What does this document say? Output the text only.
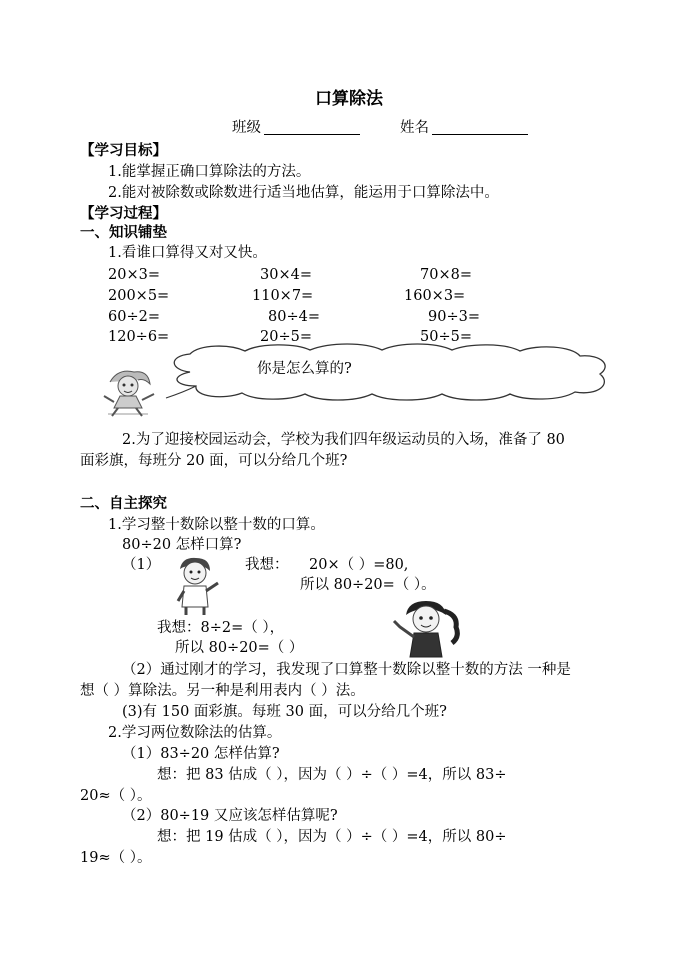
口算除法
班级	姓名
【学习目标】
1.能掌握正确口算除法的方法。
2.能对被除数或除数进行适当地估算，能运用于口算除法中。
【学习过程】
一、知识铺垫
1.看谁口算得又对又快。
20×3=	30×4=	70×8=
200×5=	110×7=	160×3=
60÷2=	80÷4=	90÷3=
120÷6=	20÷5=	50÷5=
你是怎么算的?
2.为了迎接校园运动会，学校为我们四年级运动员的入场，准备了 80
面彩旗，每班分 20 面，可以分给几个班?
二、自主探究
1.学习整十数除以整十数的口算。
80÷20 怎样口算?
（1）	我想： 20×（ ）=80,
所以 80÷20=（ ）。
我想：8÷2=（ ），
所以 80÷20=（ ）
（2）通过刚才的学习，我发现了口算整十数除以整十数的方法 一种是
想（ ）算除法。另一种是利用表内（ ）法。
(3)有 150 面彩旗。每班 30 面，可以分给几个班?
2.学习两位数除法的估算。
（1）83÷20 怎样估算?
想：把 83 估成（ ），因为（ ）÷（ ）=4，所以 83÷
20≈（ ）。
（2）80÷19 又应该怎样估算呢?
想：把 19 估成（ ），因为（ ）÷（ ）=4，所以 80÷
19≈（ ）。
